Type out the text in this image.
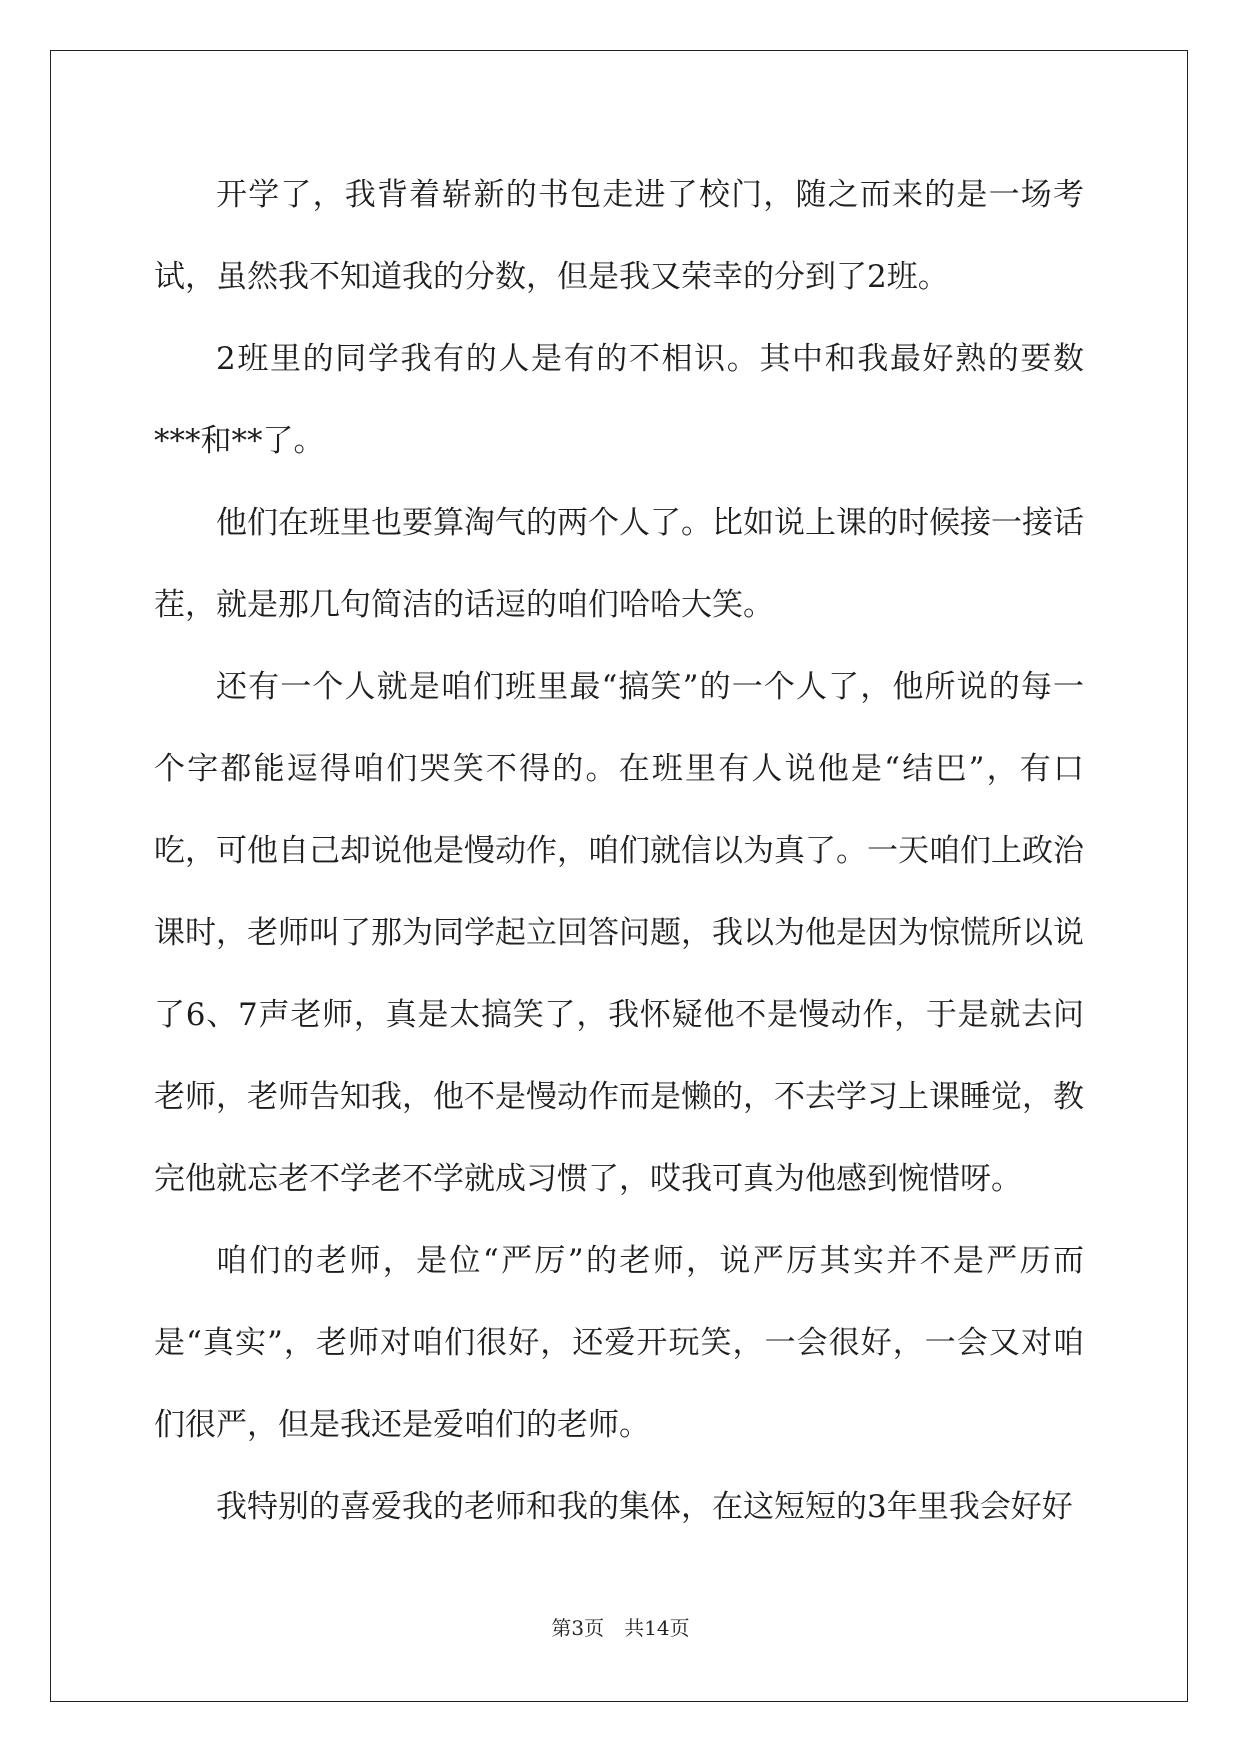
开学了，我背着崭新的书包走进了校门，随之而来的是一场考试，虽然我不知道我的分数，但是我又荣幸的分到了2班。

2班里的同学我有的人是有的不相识。其中和我最好熟的要数***和**了。

他们在班里也要算淘气的两个人了。比如说上课的时候接一接话茬，就是那几句简洁的话逗的咱们哈哈大笑。

还有一个人就是咱们班里最“搞笑”的一个人了，他所说的每一个字都能逗得咱们哭笑不得的。在班里有人说他是“结巴”，有口吃，可他自己却说他是慢动作，咱们就信以为真了。一天咱们上政治课时，老师叫了那为同学起立回答问题，我以为他是因为惊慌所以说了6、7声老师，真是太搞笑了，我怀疑他不是慢动作，于是就去问老师，老师告知我，他不是慢动作而是懒的，不去学习上课睡觉，教完他就忘老不学老不学就成习惯了，哎我可真为他感到惋惜呀。

咱们的老师，是位“严厉”的老师，说严厉其实并不是严历而是“真实”，老师对咱们很好，还爱开玩笑，一会很好，一会又对咱们很严，但是我还是爱咱们的老师。

我特别的喜爱我的老师和我的集体，在这短短的3年里我会好好

第3页　共14页
